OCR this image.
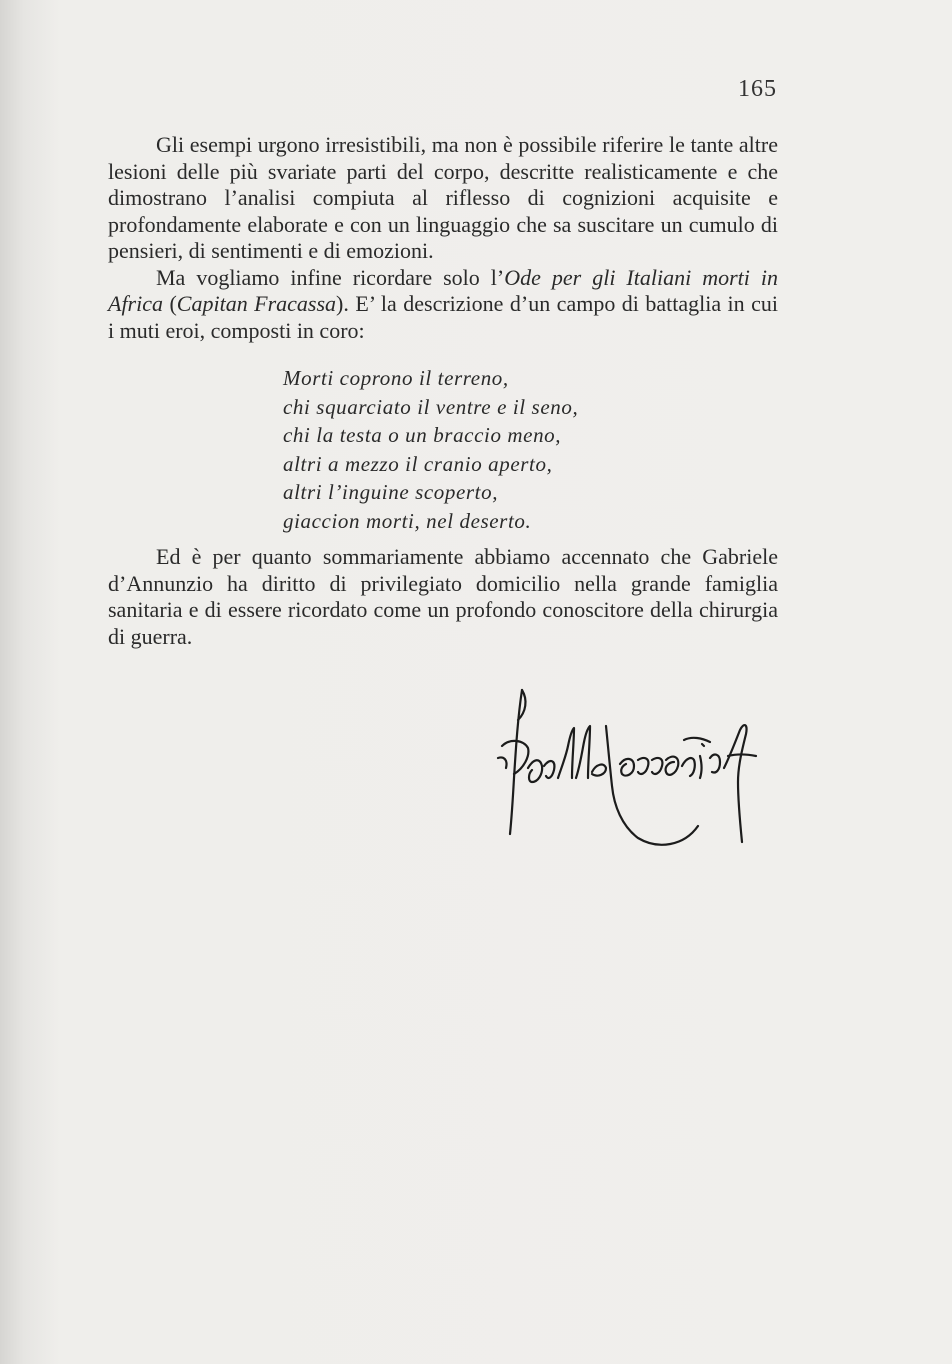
165

Gli esempi urgono irresistibili, ma non è possibile riferire le tante altre lesioni delle più svariate parti del corpo, descritte realisticamente e che dimostrano l’analisi compiuta al riflesso di cognizioni acquisite e profondamente elaborate e con un linguaggio che sa suscitare un cumulo di pensieri, di sentimenti e di emozioni.

Ma vogliamo infine ricordare solo l’Ode per gli Italiani morti in Africa (Capitan Fracassa). E’ la descrizione d’un campo di battaglia in cui i muti eroi, composti in coro:

Morti coprono il terreno,
chi squarciato il ventre e il seno,
chi la testa o un braccio meno,
altri a mezzo il cranio aperto,
altri l’inguine scoperto,
giaccion morti, nel deserto.

Ed è per quanto sommariamente abbiamo accennato che Gabriele d’Annunzio ha diritto di privilegiato domicilio nella grande famiglia sanitaria e di essere ricordato come un profondo conoscitore della chirurgia di guerra.
